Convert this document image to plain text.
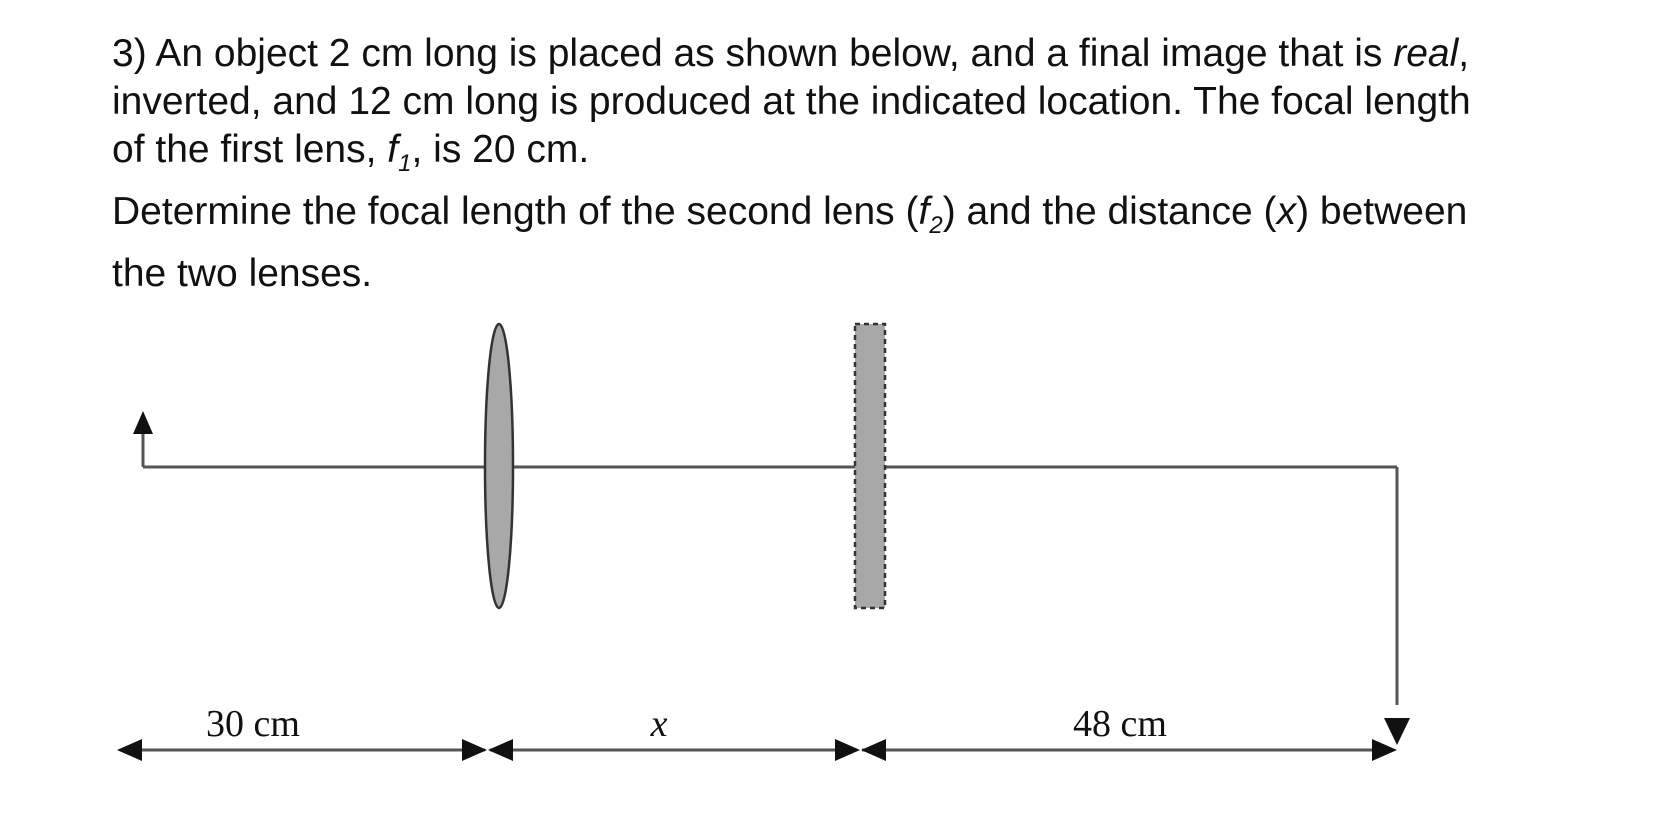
3) An object 2 cm long is placed as shown below, and a final image that is real,

inverted, and 12 cm long is produced at the indicated location. The focal length

of the first lens, $f_1$, is 20 cm.

Determine the focal length of the second lens $(f_2)$ and the distance (x) between

the two lenses.

30 cm	x	48 cm
